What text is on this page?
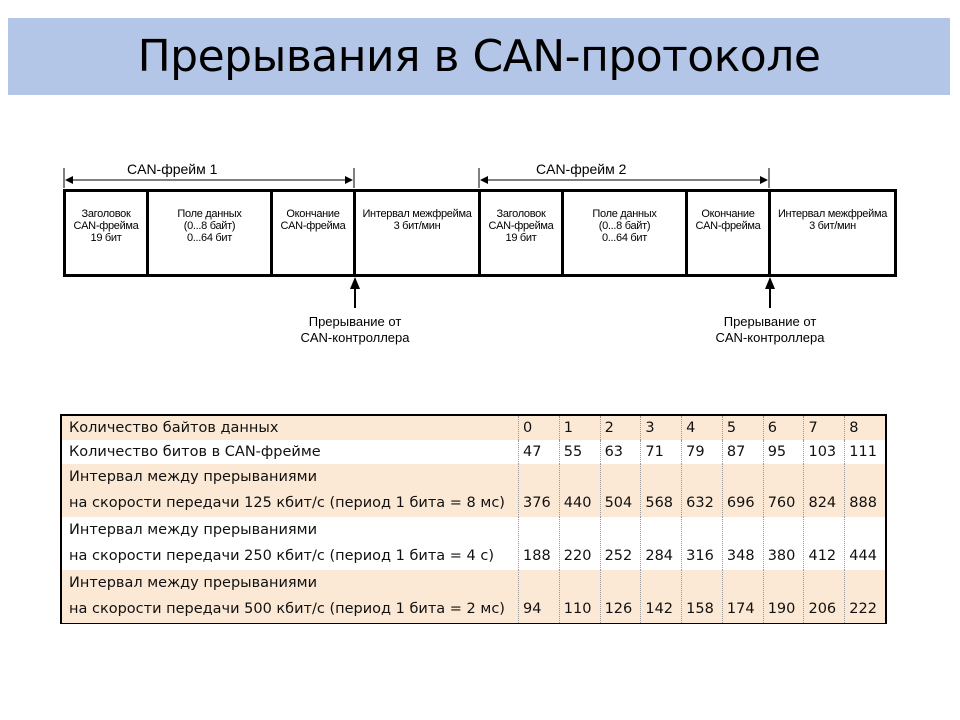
Прерывания в CAN-протоколе
CAN-фрейм 1	CAN-фрейм 2
Заголовок
CAN-фрейма
19 бит
Поле данных
(0...8 байт)
0...64 бит
Окончание
CAN-фрейма
Интервал межфрейма
3 бит/мин
Заголовок
CAN-фрейма
19 бит
Поле данных
(0...8 байт)
0...64 бит
Окончание
CAN-фрейма
Интервал межфрейма
3 бит/мин
Прерывание от
CAN-контроллера
Прерывание от
CAN-контроллера
Количество байтов данных	0	1	2	3	4	5	6	7	8
Количество битов в CAN-фрейме	47	55	63	71	79	87	95	103 111
Интервал между прерываниями
на скорости передачи 125 кбит/с (период 1 бита = 8 мс)	376 440 504 568 632 696 760 824 888
Интервал между прерываниями
на скорости передачи 250 кбит/с (период 1 бита = 4 с)	188 220 252 284 316 348 380 412 444
Интервал между прерываниями
на скорости передачи 500 кбит/с (период 1 бита = 2 мс)	94	110 126 142 158 174 190 206 222
